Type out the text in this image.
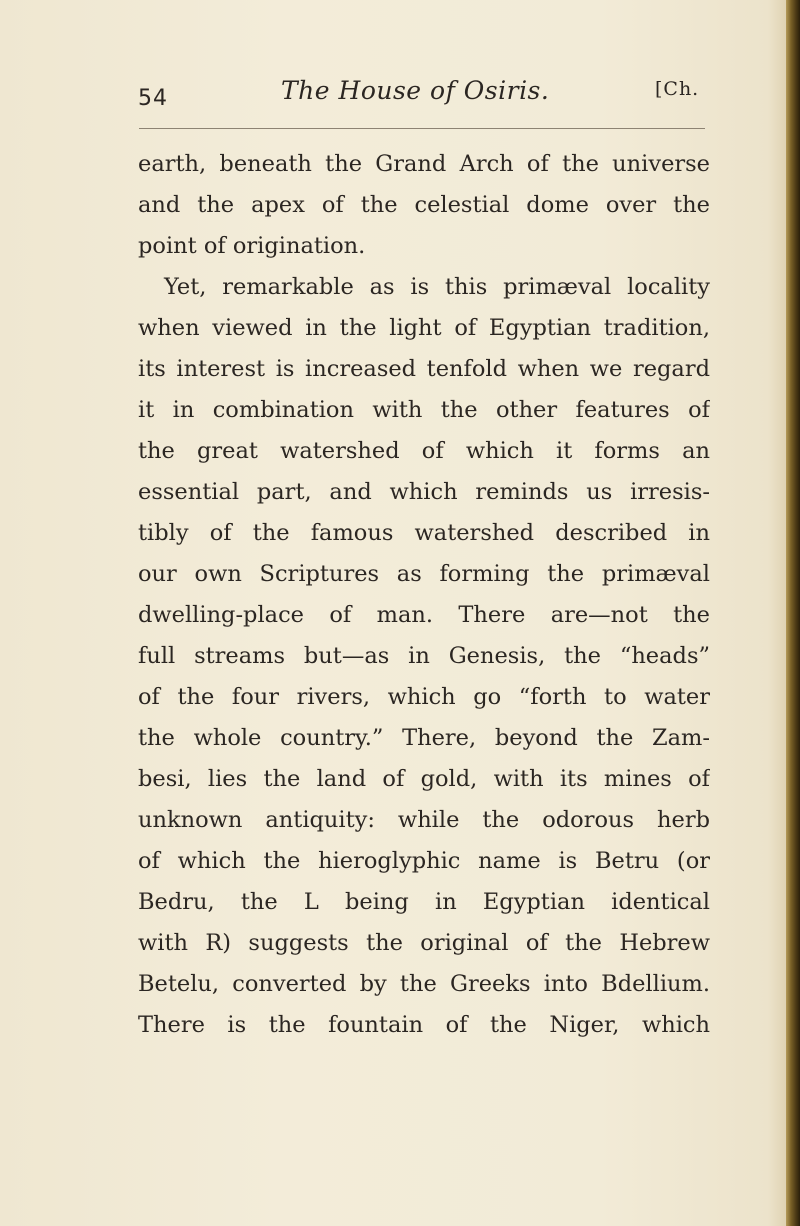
54	The House of Osiris.	[Ch.
earth, beneath the Grand Arch of the universe
and the apex of the celestial dome over the
point of origination.
Yet, remarkable as is this primæval locality
when viewed in the light of Egyptian tradition,
its interest is increased tenfold when we regard
it in combination with the other features of
the great watershed of which it forms an
essential part, and which reminds us irresis-
tibly of the famous watershed described in
our own Scriptures as forming the primæval
dwelling-place of man. There are—not the
full streams but—as in Genesis, the “heads”
of the four rivers, which go “forth to water
the whole country.” There, beyond the Zam-
besi, lies the land of gold, with its mines of
unknown antiquity: while the odorous herb
of which the hieroglyphic name is Betru (or
Bedru, the L being in Egyptian identical
with R) suggests the original of the Hebrew
Betelu, converted by the Greeks into Bdellium.
There is the fountain of the Niger, which
